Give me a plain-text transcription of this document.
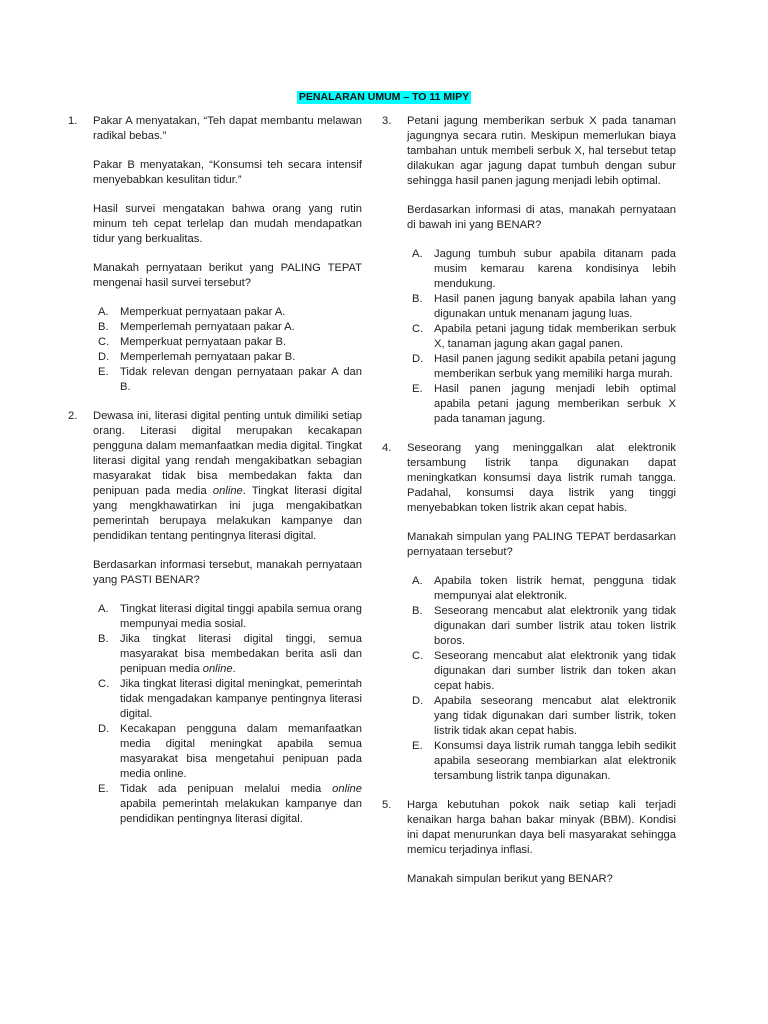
PENALARAN UMUM – TO 11 MIPY
1. Pakar A menyatakan, “Teh dapat membantu melawan radikal bebas.”

Pakar B menyatakan, “Konsumsi teh secara intensif menyebabkan kesulitan tidur.”

Hasil survei mengatakan bahwa orang yang rutin minum teh cepat terlelap dan mudah mendapatkan tidur yang berkualitas.

Manakah pernyataan berikut yang PALING TEPAT mengenai hasil survei tersebut?

A. Memperkuat pernyataan pakar A.
B. Memperlemah pernyataan pakar A.
C. Memperkuat pernyataan pakar B.
D. Memperlemah pernyataan pakar B.
E. Tidak relevan dengan pernyataan pakar A dan B.
2. Dewasa ini, literasi digital penting untuk dimiliki setiap orang. Literasi digital merupakan kecakapan pengguna dalam memanfaatkan media digital. Tingkat literasi digital yang rendah mengakibatkan sebagian masyarakat tidak bisa membedakan fakta dan penipuan pada media online. Tingkat literasi digital yang mengkhawatirkan ini juga mengakibatkan pemerintah berupaya melakukan kampanye dan pendidikan tentang pentingnya literasi digital.

Berdasarkan informasi tersebut, manakah pernyataan yang PASTI BENAR?

A. Tingkat literasi digital tinggi apabila semua orang mempunyai media sosial.
B. Jika tingkat literasi digital tinggi, semua masyarakat bisa membedakan berita asli dan penipuan media online.
C. Jika tingkat literasi digital meningkat, pemerintah tidak mengadakan kampanye pentingnya literasi digital.
D. Kecakapan pengguna dalam memanfaatkan media digital meningkat apabila semua masyarakat bisa mengetahui penipuan pada media online.
E. Tidak ada penipuan melalui media online apabila pemerintah melakukan kampanye dan pendidikan pentingnya literasi digital.
3. Petani jagung memberikan serbuk X pada tanaman jagungnya secara rutin. Meskipun memerlukan biaya tambahan untuk membeli serbuk X, hal tersebut tetap dilakukan agar jagung dapat tumbuh dengan subur sehingga hasil panen jagung menjadi lebih optimal.

Berdasarkan informasi di atas, manakah pernyataan di bawah ini yang BENAR?

A. Jagung tumbuh subur apabila ditanam pada musim kemarau karena kondisinya lebih mendukung.
B. Hasil panen jagung banyak apabila lahan yang digunakan untuk menanam jagung luas.
C. Apabila petani jagung tidak memberikan serbuk X, tanaman jagung akan gagal panen.
D. Hasil panen jagung sedikit apabila petani jagung memberikan serbuk yang memiliki harga murah.
E. Hasil panen jagung menjadi lebih optimal apabila petani jagung memberikan serbuk X pada tanaman jagung.
4. Seseorang yang meninggalkan alat elektronik tersambung listrik tanpa digunakan dapat meningkatkan konsumsi daya listrik rumah tangga. Padahal, konsumsi daya listrik yang tinggi menyebabkan token listrik akan cepat habis.

Manakah simpulan yang PALING TEPAT berdasarkan pernyataan tersebut?

A. Apabila token listrik hemat, pengguna tidak mempunyai alat elektronik.
B. Seseorang mencabut alat elektronik yang tidak digunakan dari sumber listrik atau token listrik boros.
C. Seseorang mencabut alat elektronik yang tidak digunakan dari sumber listrik dan token akan cepat habis.
D. Apabila seseorang mencabut alat elektronik yang tidak digunakan dari sumber listrik, token listrik tidak akan cepat habis.
E. Konsumsi daya listrik rumah tangga lebih sedikit apabila seseorang membiarkan alat elektronik tersambung listrik tanpa digunakan.
5. Harga kebutuhan pokok naik setiap kali terjadi kenaikan harga bahan bakar minyak (BBM). Kondisi ini dapat menurunkan daya beli masyarakat sehingga memicu terjadinya inflasi.

Manakah simpulan berikut yang BENAR?
